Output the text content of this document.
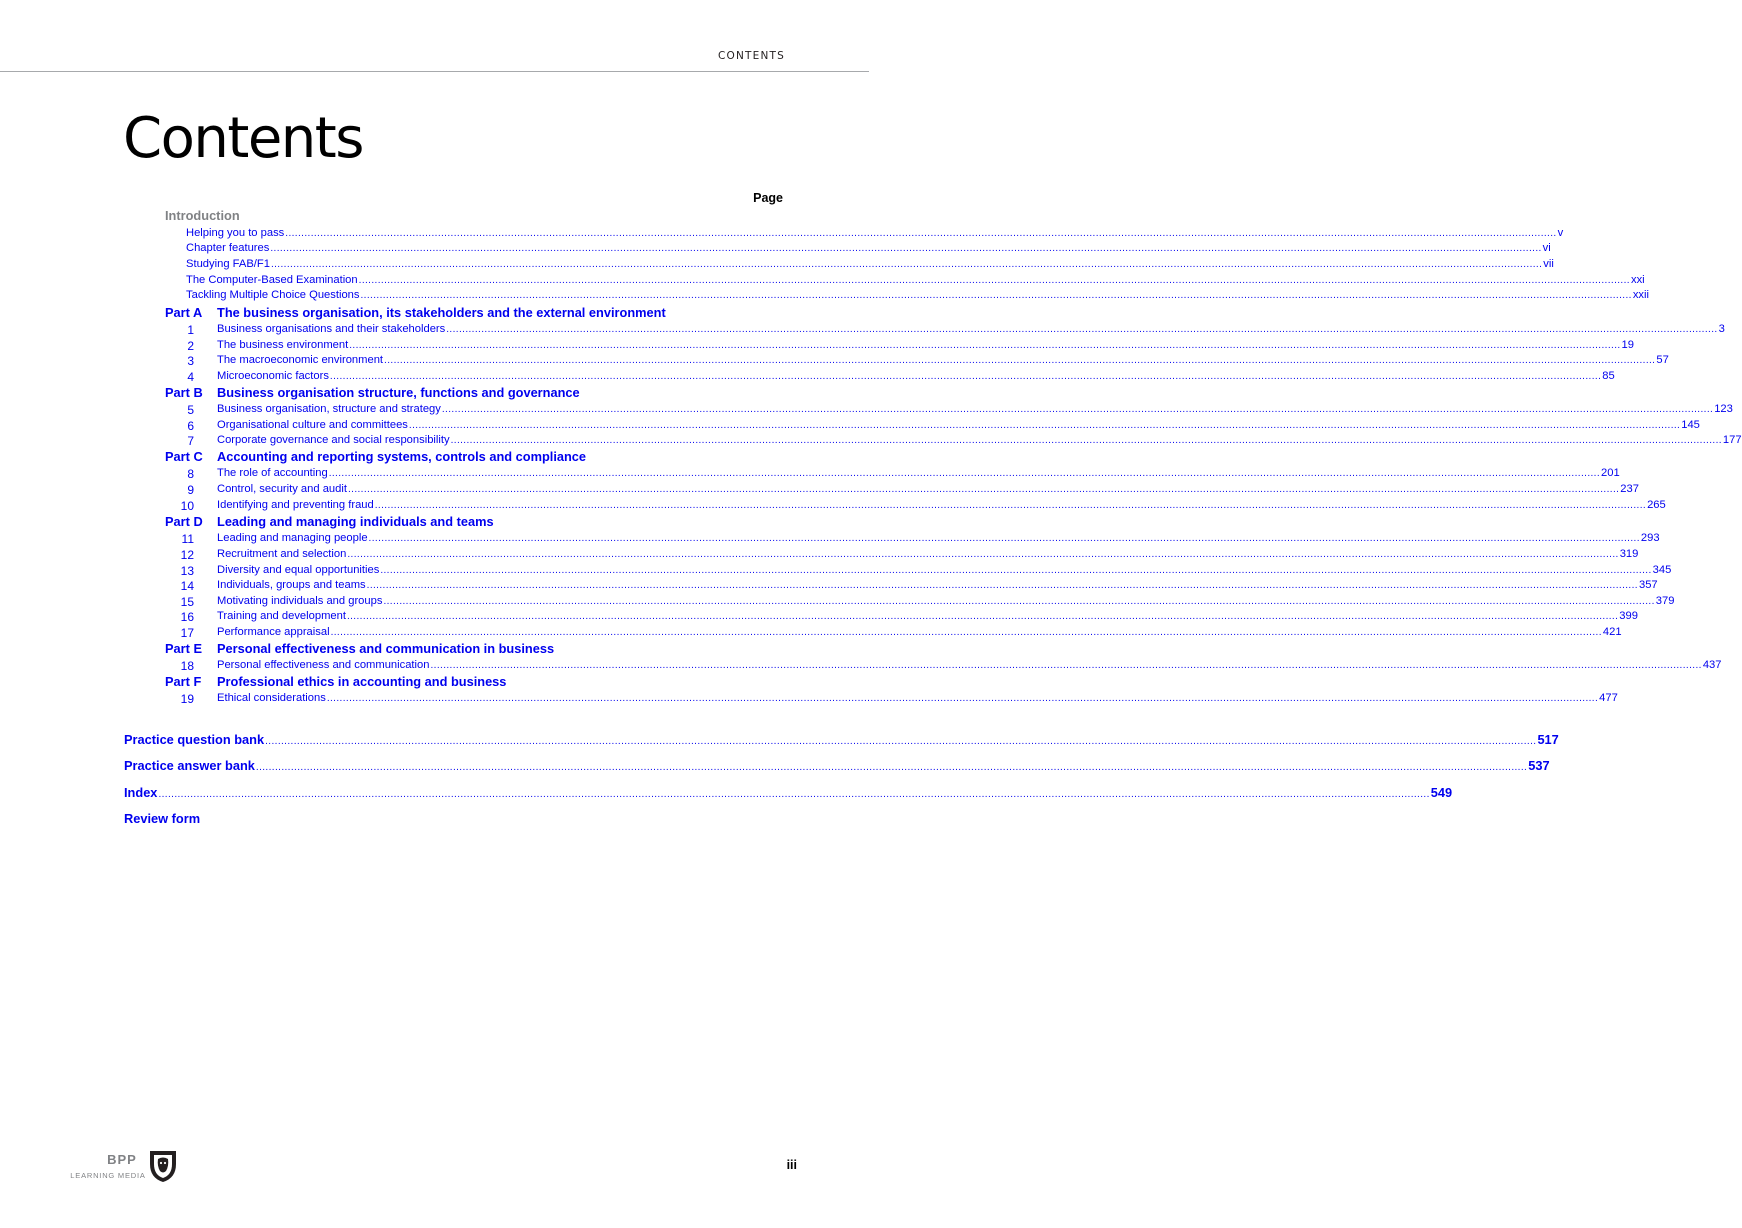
CONTENTS
Contents
Page
Introduction
Helping you to pass ................................................................................................................................................................................................................................................................................................................................................................................................................ v
Chapter features ................................................................................................................................................................................................................................................................................................................................................................................................................ vi
Studying FAB/F1 ................................................................................................................................................................................................................................................................................................................................................................................................................ vii
The Computer-Based Examination ................................................................................................................................................................................................................................................................................................................................................................................................................ xxi
Tackling Multiple Choice Questions ................................................................................................................................................................................................................................................................................................................................................................................................................ xxii
Part A The business organisation, its stakeholders and the external environment
1 Business organisations and their stakeholders ................................................................................................................................................................................................................................................................................................................................................................................................................ 3
2 The business environment ................................................................................................................................................................................................................................................................................................................................................................................................................ 19
3 The macroeconomic environment ................................................................................................................................................................................................................................................................................................................................................................................................................ 57
4 Microeconomic factors ................................................................................................................................................................................................................................................................................................................................................................................................................ 85
Part B Business organisation structure, functions and governance
5 Business organisation, structure and strategy ................................................................................................................................................................................................................................................................................................................................................................................................................ 123
6 Organisational culture and committees ................................................................................................................................................................................................................................................................................................................................................................................................................ 145
7 Corporate governance and social responsibility ................................................................................................................................................................................................................................................................................................................................................................................................................ 177
Part C Accounting and reporting systems, controls and compliance
8 The role of accounting ................................................................................................................................................................................................................................................................................................................................................................................................................ 201
9 Control, security and audit ................................................................................................................................................................................................................................................................................................................................................................................................................ 237
10 Identifying and preventing fraud ................................................................................................................................................................................................................................................................................................................................................................................................................ 265
Part D Leading and managing individuals and teams
11 Leading and managing people ................................................................................................................................................................................................................................................................................................................................................................................................................ 293
12 Recruitment and selection ................................................................................................................................................................................................................................................................................................................................................................................................................ 319
13 Diversity and equal opportunities ................................................................................................................................................................................................................................................................................................................................................................................................................ 345
14 Individuals, groups and teams ................................................................................................................................................................................................................................................................................................................................................................................................................ 357
15 Motivating individuals and groups ................................................................................................................................................................................................................................................................................................................................................................................................................ 379
16 Training and development ................................................................................................................................................................................................................................................................................................................................................................................................................ 399
17 Performance appraisal ................................................................................................................................................................................................................................................................................................................................................................................................................ 421
Part E Personal effectiveness and communication in business
18 Personal effectiveness and communication ................................................................................................................................................................................................................................................................................................................................................................................................................ 437
Part F Professional ethics in accounting and business
19 Ethical considerations ................................................................................................................................................................................................................................................................................................................................................................................................................ 477
Practice question bank ................................................................................................................................................................................................................................................................................................................................................................................................................ 517
Practice answer bank ................................................................................................................................................................................................................................................................................................................................................................................................................ 537
Index ................................................................................................................................................................................................................................................................................................................................................................................................................ 549
Review form
BPP
LEARNING MEDIA
iii
